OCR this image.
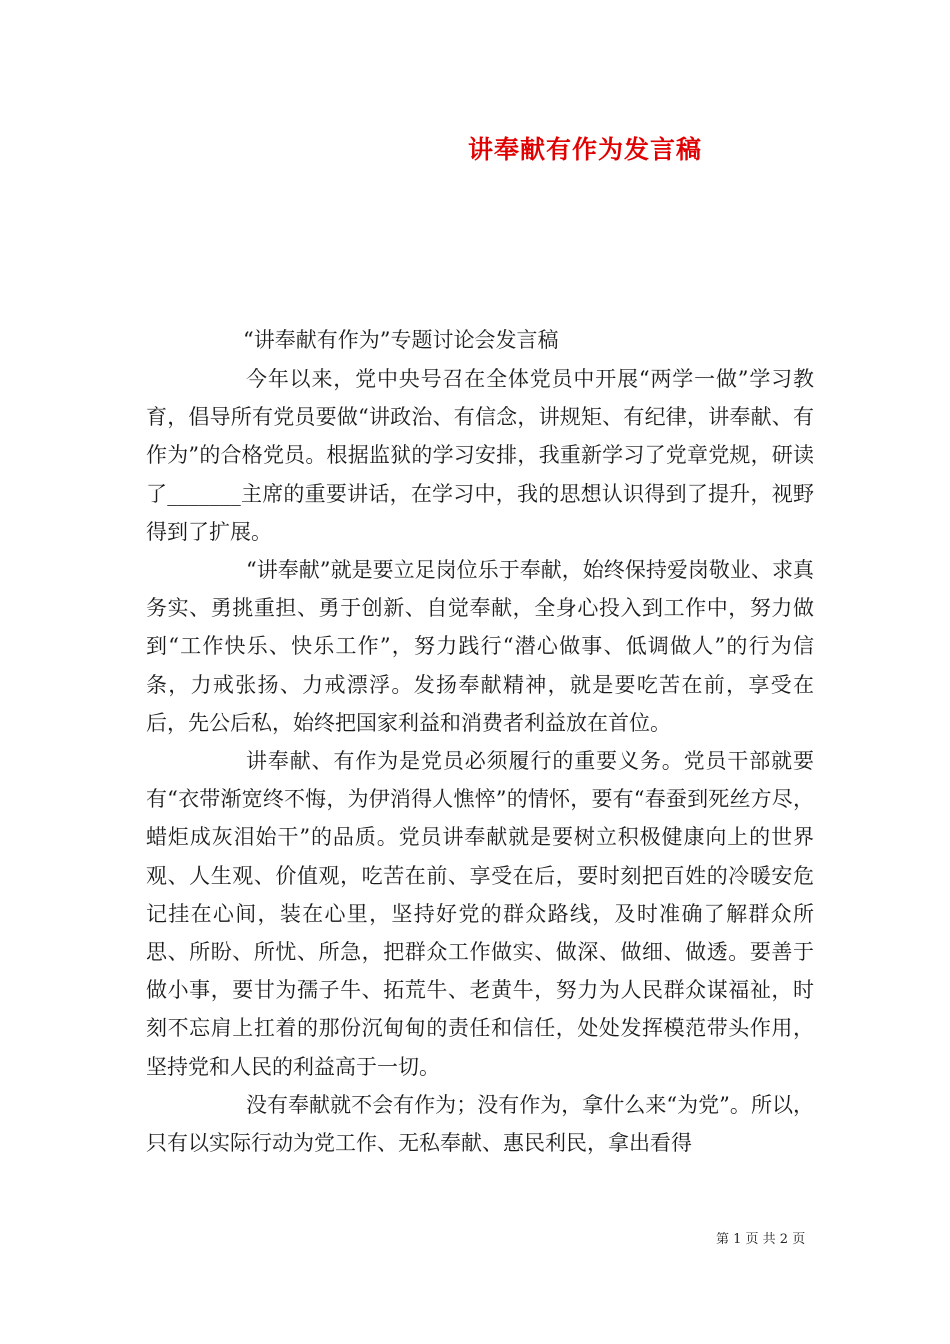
讲奉献有作为发言稿
“讲奉献有作为”专题讨论会发言稿

今年以来，党中央号召在全体党员中开展“两学一做”学习教育，倡导所有党员要做“讲政治、有信念，讲规矩、有纪律，讲奉献、有作为”的合格党员。根据监狱的学习安排，我重新学习了党章党规，研读了_______主席的重要讲话，在学习中，我的思想认识得到了提升，视野得到了扩展。

“讲奉献”就是要立足岗位乐于奉献，始终保持爱岗敬业、求真务实、勇挑重担、勇于创新、自觉奉献，全身心投入到工作中，努力做到“工作快乐、快乐工作”，努力践行“潜心做事、低调做人”的行为信条，力戒张扬、力戒漂浮。发扬奉献精神，就是要吃苦在前，享受在后，先公后私，始终把国家利益和消费者利益放在首位。

讲奉献、有作为是党员必须履行的重要义务。党员干部就要有“衣带渐宽终不悔，为伊消得人憔悴”的情怀，要有“春蚕到死丝方尽，蜡炬成灰泪始干”的品质。党员讲奉献就是要树立积极健康向上的世界观、人生观、价值观，吃苦在前、享受在后，要时刻把百姓的冷暖安危记挂在心间，装在心里，坚持好党的群众路线，及时准确了解群众所思、所盼、所忧、所急，把群众工作做实、做深、做细、做透。要善于做小事，要甘为孺子牛、拓荒牛、老黄牛，努力为人民群众谋福祉，时刻不忘肩上扛着的那份沉甸甸的责任和信任，处处发挥模范带头作用，坚持党和人民的利益高于一切。

没有奉献就不会有作为；没有作为，拿什么来“为党”。所以，只有以实际行动为党工作、无私奉献、惠民利民，拿出看得

第 1 页 共 2 页
